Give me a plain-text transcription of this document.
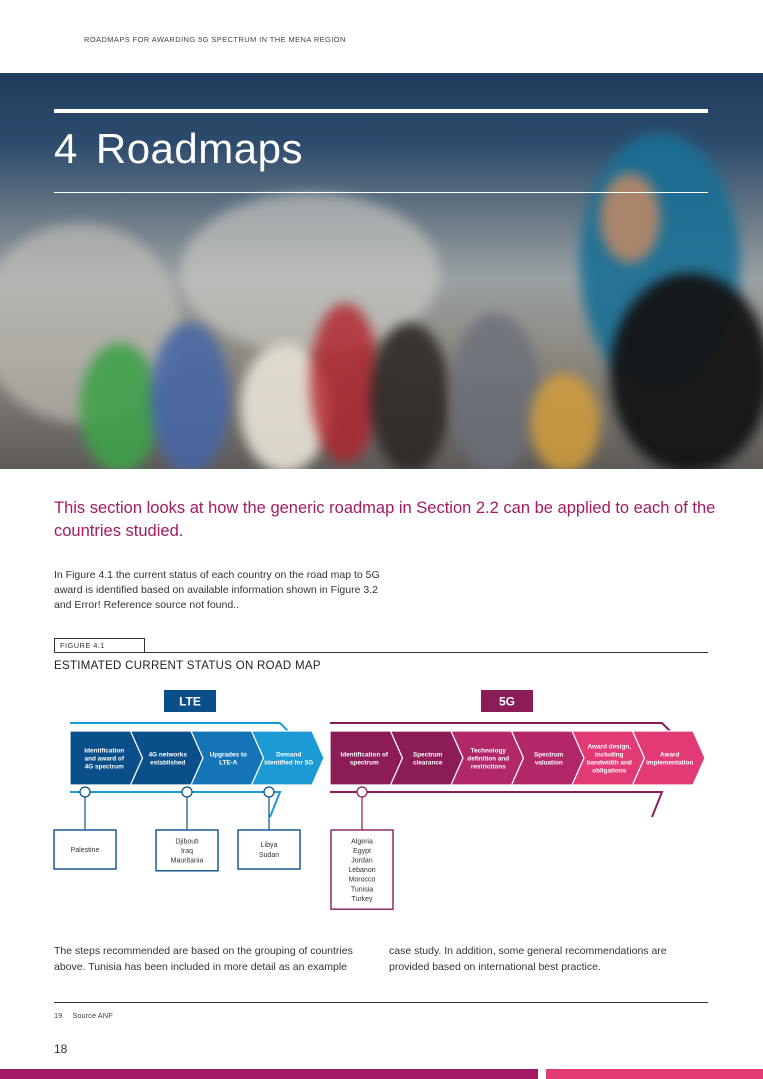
ROADMAPS FOR AWARDING 5G SPECTRUM IN THE MENA REGION
4 Roadmaps

This section looks at how the generic roadmap in Section 2.2 can be applied to each of the countries studied.

In Figure 4.1 the current status of each country on the road map to 5G award is identified based on available information shown in Figure 3.2 and Error! Reference source not found..

FIGURE 4.1
ESTIMATED CURRENT STATUS ON ROAD MAP
LTE	5G
Identification and award of 4G spectrum
4G networks established
Upgrades to LTE-A
Demand identified for 5G
Identification of spectrum
Spectrum clearance
Technology definition and restrictions
Spectrum valuation
Award design, including bandwidth and obligations
Award implementation
Palestine
Djibouti
Iraq
Mauritania
Libya
Sudan
Algeria
Egypt
Jordan
Lebanon
Morocco
Tunisia
Turkey

The steps recommended are based on the grouping of countries above. Tunisia has been included in more detail as an example

case study. In addition, some general recommendations are provided based on international best practice.

19 Source ANF
18
